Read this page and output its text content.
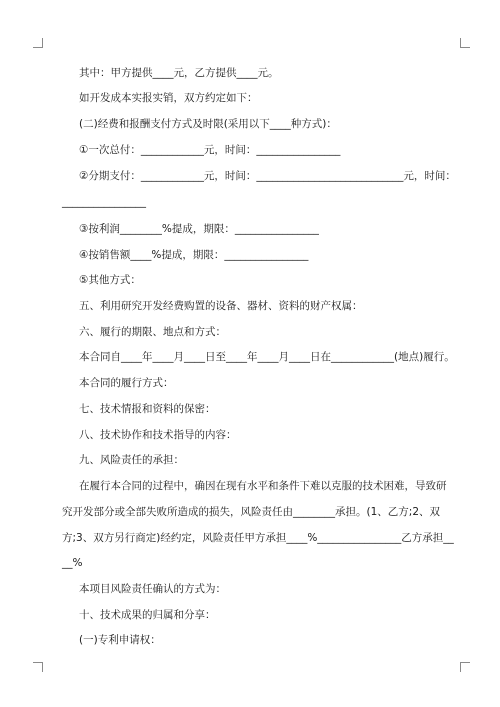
其中：甲方提供____元，乙方提供____元。
如开发成本实报实销，双方约定如下：
(二)经费和报酬支付方式及时限(采用以下____种方式)：
①一次总付：____________元，时间：________________
②分期支付：____________元，时间：____________________________元，时间：
________________
③按利润________%提成，期限：________________
④按销售额____%提成，期限：________________
⑤其他方式：
五、利用研究开发经费购置的设备、器材、资料的财产权属：
六、履行的期限、地点和方式：
本合同自____年____月____日至____年____月____日在____________(地点)履行。
本合同的履行方式：
七、技术情报和资料的保密：
八、技术协作和技术指导的内容：
九、风险责任的承担：
在履行本合同的过程中，确因在现有水平和条件下难以克服的技术困难，导致研
究开发部分或全部失败所造成的损失，风险责任由________承担。(1、乙方;2、双
方;3、双方另行商定)经约定，风险责任甲方承担____%________________乙方承担__
__%
本项目风险责任确认的方式为：
十、技术成果的归属和分享：
(一)专利申请权：
